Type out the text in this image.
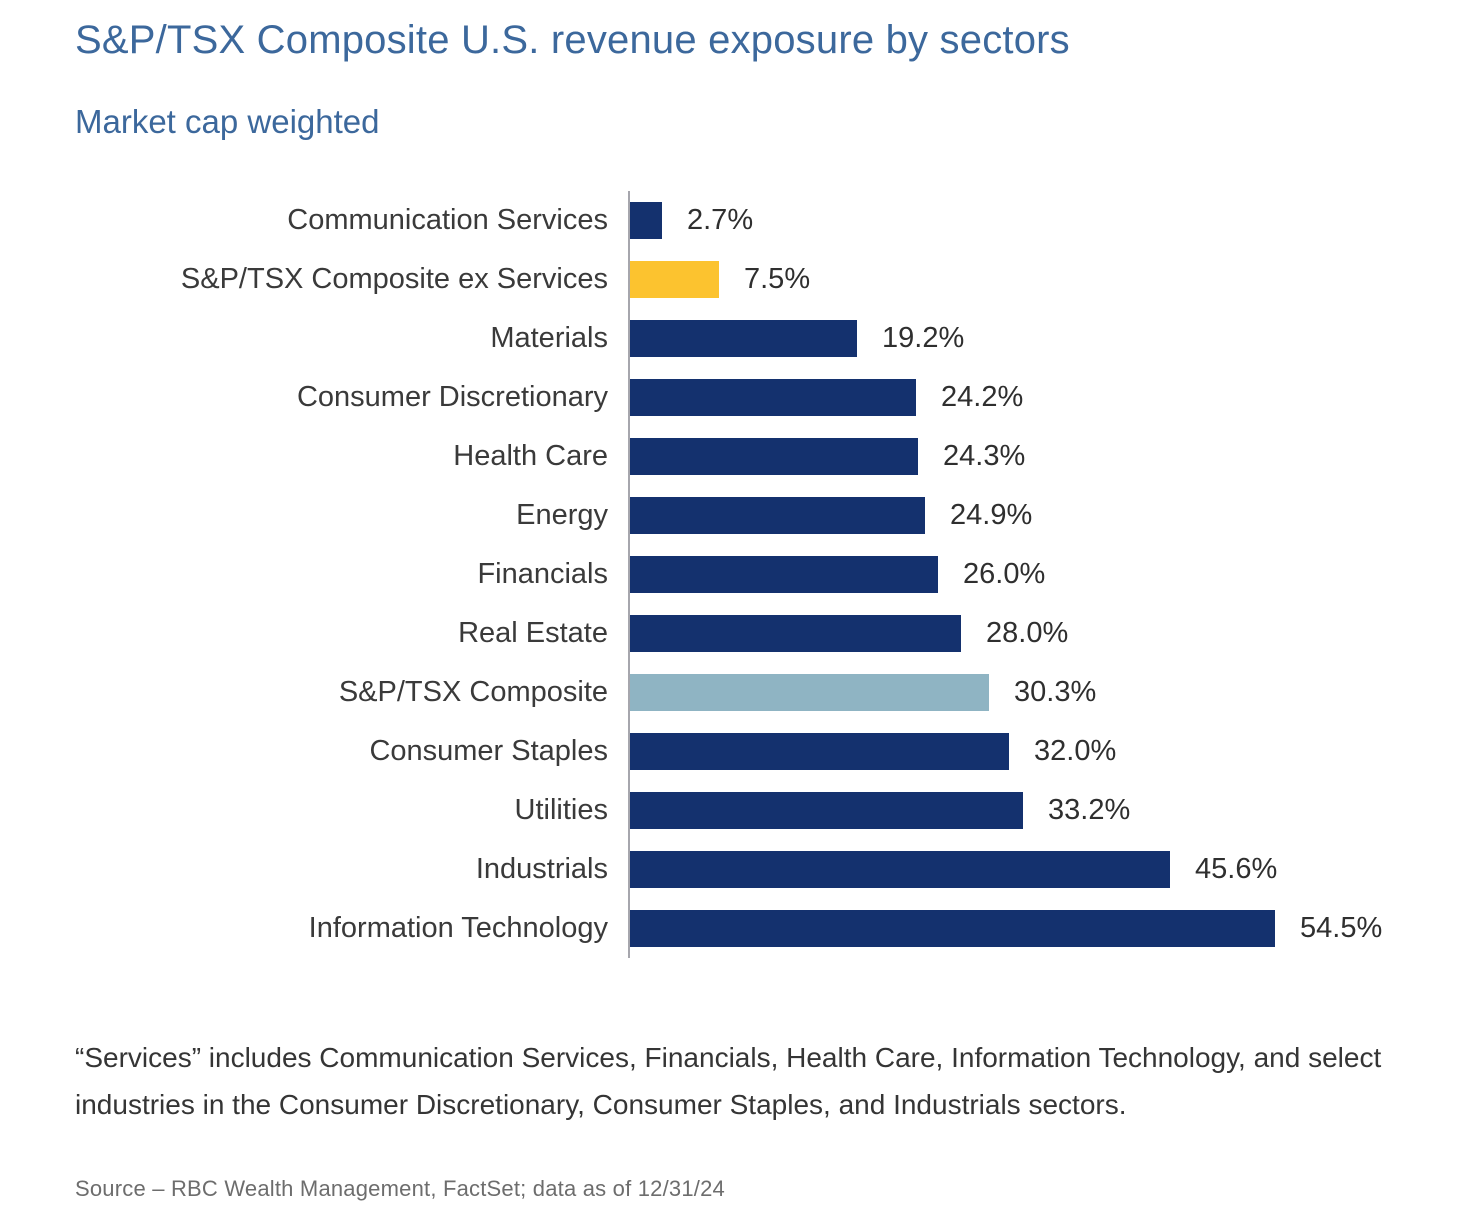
S&P/TSX Composite U.S. revenue exposure by sectors
Market cap weighted
Communication Services	2.7%
S&P/TSX Composite ex Services	7.5%
Materials	19.2%
Consumer Discretionary	24.2%
Health Care	24.3%
Energy	24.9%
Financials	26.0%
Real Estate	28.0%
S&P/TSX Composite	30.3%
Consumer Staples	32.0%
Utilities	33.2%
Industrials	45.6%
Information Technology	54.5%

“Services” includes Communication Services, Financials, Health Care, Information Technology, and select industries in the Consumer Discretionary, Consumer Staples, and Industrials sectors.

Source – RBC Wealth Management, FactSet; data as of 12/31/24
